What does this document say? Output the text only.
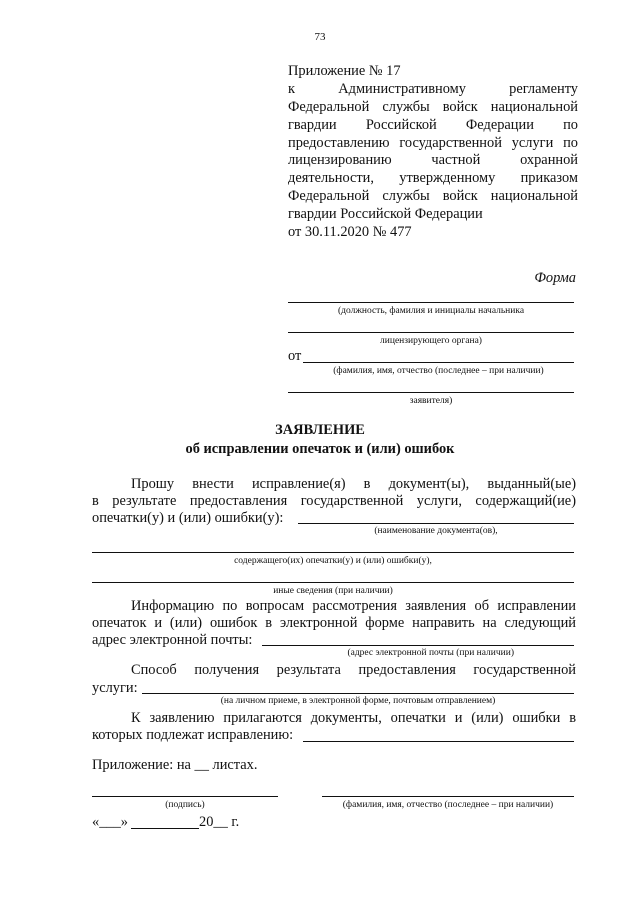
73
Приложение № 17
к Административному регламенту
Федеральной службы войск национальной
гвардии Российской Федерации по
предоставлению государственной услуги по
лицензированию частной охранной
деятельности, утвержденному приказом
Федеральной службы войск национальной
гвардии Российской Федерации
от 30.11.2020 № 477
Форма
(должность, фамилия и инициалы начальника
лицензирующего органа)
от
(фамилия, имя, отчество (последнее – при наличии)
заявителя)
ЗАЯВЛЕНИЕ
об исправлении опечаток и (или) ошибок
Прошу внести исправление(я) в документ(ы), выданный(ые)
в результате предоставления государственной услуги, содержащий(ие)
опечатки(у) и (или) ошибки(у):
(наименование документа(ов),
содержащего(их) опечатки(у) и (или) ошибки(у),
иные сведения (при наличии)
Информацию по вопросам рассмотрения заявления об исправлении
опечаток и (или) ошибок в электронной форме направить на следующий
адрес электронной почты:
(адрес электронной почты (при наличии)
Способ получения результата предоставления государственной
услуги:
(на личном приеме, в электронной форме, почтовым отправлением)
К заявлению прилагаются документы, опечатки и (или) ошибки в
которых подлежат исправлению:
Приложение: на __ листах.
(подпись)	(фамилия, имя, отчество (последнее – при наличии)
«___»	20__ г.
